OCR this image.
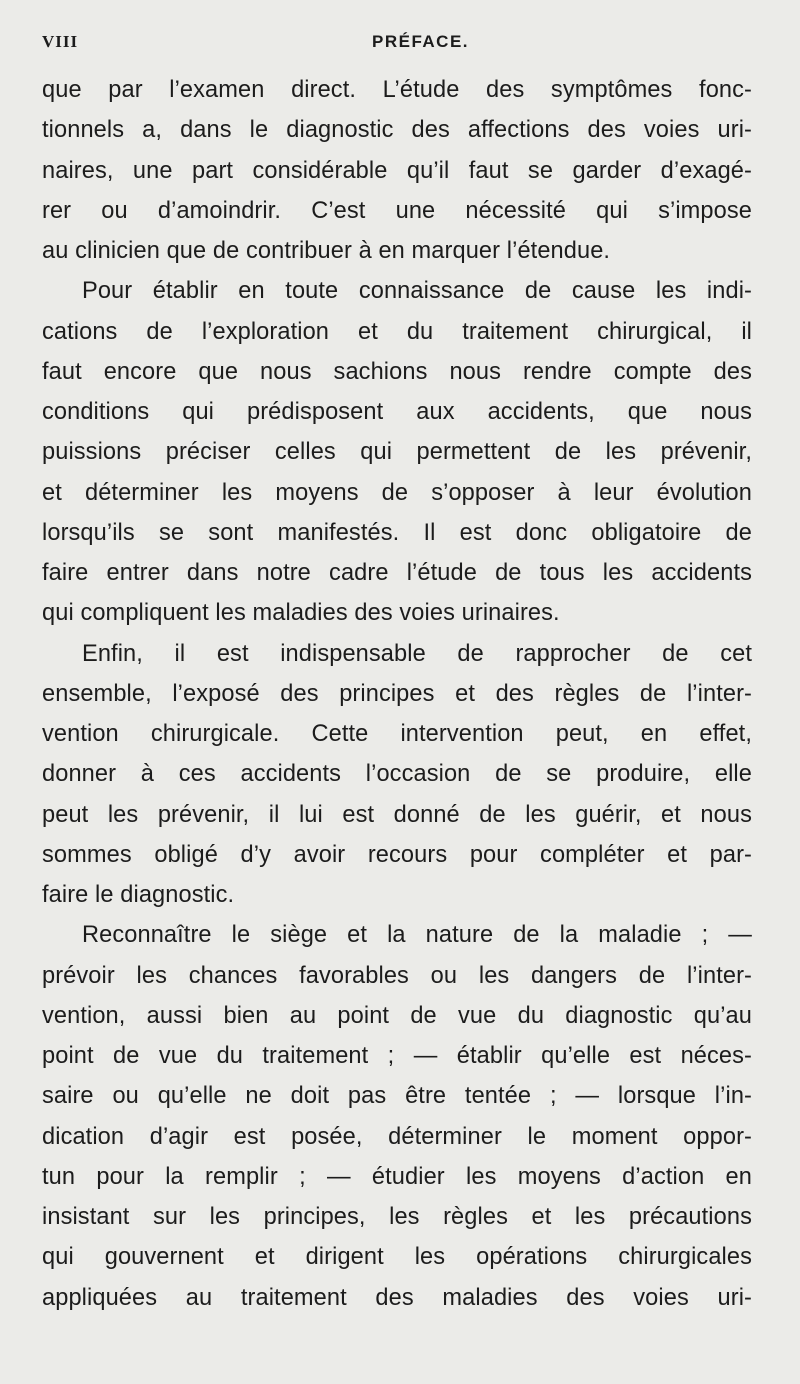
VIII	PRÉFACE.
que par l’examen direct. L’étude des symptômes fonc-
tionnels a, dans le diagnostic des affections des voies uri-
naires, une part considérable qu’il faut se garder d’exagé-
rer ou d’amoindrir. C’est une nécessité qui s’impose
au clinicien que de contribuer à en marquer l’étendue.
Pour établir en toute connaissance de cause les indi-
cations de l’exploration et du traitement chirurgical, il
faut encore que nous sachions nous rendre compte des
conditions qui prédisposent aux accidents, que nous
puissions préciser celles qui permettent de les prévenir,
et déterminer les moyens de s’opposer à leur évolution
lorsqu’ils se sont manifestés. Il est donc obligatoire de
faire entrer dans notre cadre l’étude de tous les accidents
qui compliquent les maladies des voies urinaires.
Enfin, il est indispensable de rapprocher de cet
ensemble, l’exposé des principes et des règles de l’inter-
vention chirurgicale. Cette intervention peut, en effet,
donner à ces accidents l’occasion de se produire, elle
peut les prévenir, il lui est donné de les guérir, et nous
sommes obligé d’y avoir recours pour compléter et par-
faire le diagnostic.
Reconnaître le siège et la nature de la maladie ; —
prévoir les chances favorables ou les dangers de l’inter-
vention, aussi bien au point de vue du diagnostic qu’au
point de vue du traitement ; — établir qu’elle est néces-
saire ou qu’elle ne doit pas être tentée ; — lorsque l’in-
dication d’agir est posée, déterminer le moment oppor-
tun pour la remplir ; — étudier les moyens d’action en
insistant sur les principes, les règles et les précautions
qui gouvernent et dirigent les opérations chirurgicales
appliquées au traitement des maladies des voies uri-
